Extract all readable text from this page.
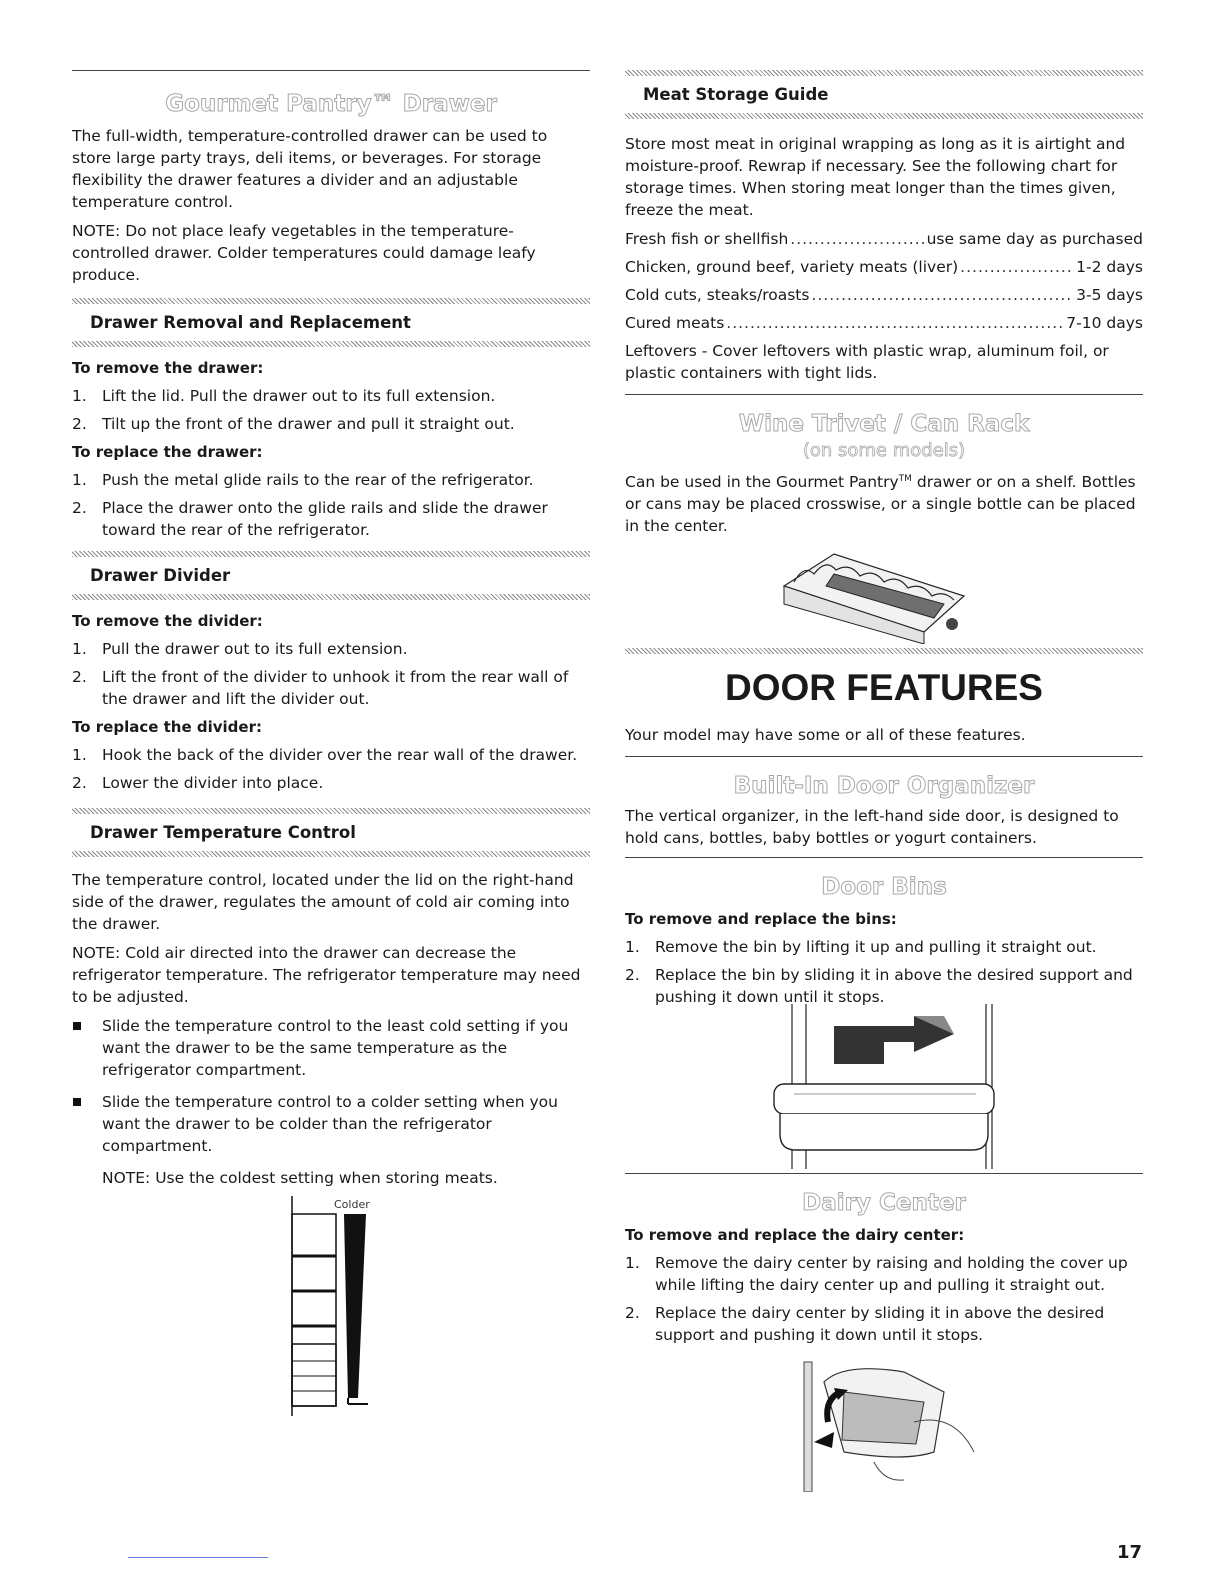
Gourmet Pantry™ Drawer

The full-width, temperature-controlled drawer can be used to store large party trays, deli items, or beverages. For storage flexibility the drawer features a divider and an adjustable temperature control.

NOTE: Do not place leafy vegetables in the temperature-controlled drawer. Colder temperatures could damage leafy produce.

Drawer Removal and Replacement
To remove the drawer:
1. Lift the lid. Pull the drawer out to its full extension.
2. Tilt up the front of the drawer and pull it straight out.
To replace the drawer:
1. Push the metal glide rails to the rear of the refrigerator.
2. Place the drawer onto the glide rails and slide the drawer toward the rear of the refrigerator.
Drawer Divider
To remove the divider:
1. Pull the drawer out to its full extension.
2. Lift the front of the divider to unhook it from the rear wall of the drawer and lift the divider out.
To replace the divider:
1. Hook the back of the divider over the rear wall of the drawer.
2. Lower the divider into place.
Drawer Temperature Control

The temperature control, located under the lid on the right-hand side of the drawer, regulates the amount of cold air coming into the drawer.

NOTE: Cold air directed into the drawer can decrease the refrigerator temperature. The refrigerator temperature may need to be adjusted.

Slide the temperature control to the least cold setting if you want the drawer to be the same temperature as the refrigerator compartment.
Slide the temperature control to a colder setting when you want the drawer to be colder than the refrigerator compartment.

NOTE: Use the coldest setting when storing meats.

Colder
Meat Storage Guide

Store most meat in original wrapping as long as it is airtight and moisture-proof. Rewrap if necessary. See the following chart for storage times. When storing meat longer than the times given, freeze the meat.

Fresh fish or shellfish .....	use same day as purchased
Chicken, ground beef, variety meats (liver) .....	1-2 days
Cold cuts, steaks/roasts .....	3-5 days
Cured meats .....	7-10 days

Leftovers - Cover leftovers with plastic wrap, aluminum foil, or plastic containers with tight lids.

Wine Trivet / Can Rack
(on some models)

Can be used in the Gourmet Pantry™ drawer or on a shelf. Bottles or cans may be placed crosswise, or a single bottle can be placed in the center.

DOOR FEATURES

Your model may have some or all of these features.

Built-In Door Organizer

The vertical organizer, in the left-hand side door, is designed to hold cans, bottles, baby bottles or yogurt containers.

Door Bins
To remove and replace the bins:
1. Remove the bin by lifting it up and pulling it straight out.
2. Replace the bin by sliding it in above the desired support and pushing it down until it stops.
Dairy Center
To remove and replace the dairy center:
1. Remove the dairy center by raising and holding the cover up while lifting the dairy center up and pulling it straight out.
2. Replace the dairy center by sliding it in above the desired support and pushing it down until it stops.
17
